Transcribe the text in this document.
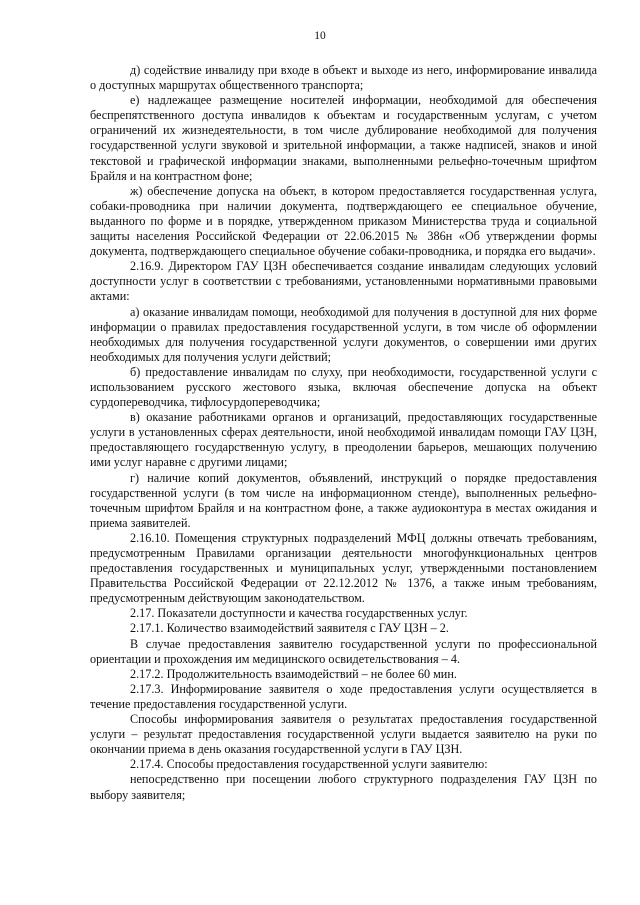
10

д) содействие инвалиду при входе в объект и выходе из него, информирование инвалида о доступных маршрутах общественного транспорта;

е) надлежащее размещение носителей информации, необходимой для обеспечения беспрепятственного доступа инвалидов к объектам и государственным услугам, с учетом ограничений их жизнедеятельности, в том числе дублирование необходимой для получения государственной услуги звуковой и зрительной информации, а также надписей, знаков и иной текстовой и графической информации знаками, выполненными рельефно-точечным шрифтом Брайля и на контрастном фоне;

ж) обеспечение допуска на объект, в котором предоставляется государственная услуга, собаки-проводника при наличии документа, подтверждающего ее специальное обучение, выданного по форме и в порядке, утвержденном приказом Министерства труда и социальной защиты населения Российской Федерации от 22.06.2015 № 386н «Об утверждении формы документа, подтверждающего специальное обучение собаки-проводника, и порядка его выдачи».

2.16.9. Директором ГАУ ЦЗН обеспечивается создание инвалидам следующих условий доступности услуг в соответствии с требованиями, установленными нормативными правовыми актами:

а) оказание инвалидам помощи, необходимой для получения в доступной для них форме информации о правилах предоставления государственной услуги, в том числе об оформлении необходимых для получения государственной услуги документов, о совершении ими других необходимых для получения услуги действий;

б) предоставление инвалидам по слуху, при необходимости, государственной услуги с использованием русского жестового языка, включая обеспечение допуска на объект сурдопереводчика, тифлосурдопереводчика;

в) оказание работниками органов и организаций, предоставляющих государственные услуги в установленных сферах деятельности, иной необходимой инвалидам помощи ГАУ ЦЗН, предоставляющего государственную услугу, в преодолении барьеров, мешающих получению ими услуг наравне с другими лицами;

г) наличие копий документов, объявлений, инструкций о порядке предоставления государственной услуги (в том числе на информационном стенде), выполненных рельефно-точечным шрифтом Брайля и на контрастном фоне, а также аудиоконтура в местах ожидания и приема заявителей.

2.16.10. Помещения структурных подразделений МФЦ должны отвечать требованиям, предусмотренным Правилами организации деятельности многофункциональных центров предоставления государственных и муниципальных услуг, утвержденными постановлением Правительства Российской Федерации от 22.12.2012 № 1376, а также иным требованиям, предусмотренным действующим законодательством.

2.17. Показатели доступности и качества государственных услуг.

2.17.1. Количество взаимодействий заявителя с ГАУ ЦЗН – 2.

В случае предоставления заявителю государственной услуги по профессиональной ориентации и прохождения им медицинского освидетельствования – 4.

2.17.2. Продолжительность взаимодействий – не более 60 мин.

2.17.3. Информирование заявителя о ходе предоставления услуги осуществляется в течение предоставления государственной услуги.

Способы информирования заявителя о результатах предоставления государственной услуги – результат предоставления государственной услуги выдается заявителю на руки по окончании приема в день оказания государственной услуги в ГАУ ЦЗН.

2.17.4. Способы предоставления государственной услуги заявителю:

непосредственно при посещении любого структурного подразделения ГАУ ЦЗН по выбору заявителя;
